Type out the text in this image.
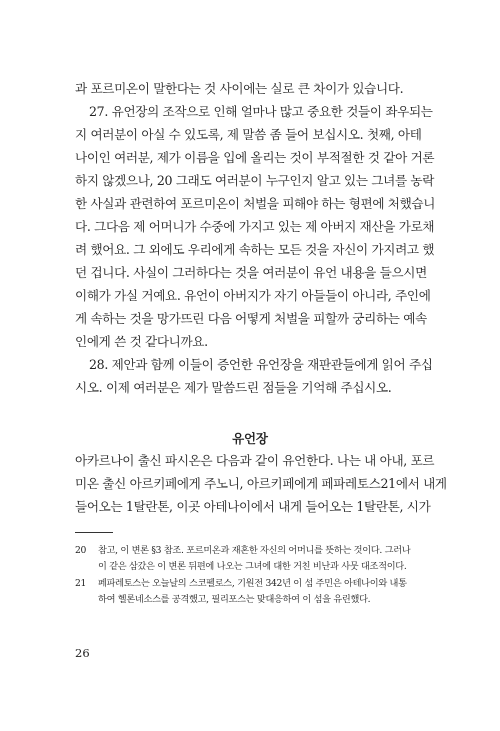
과 포르미온이 말한다는 것 사이에는 실로 큰 차이가 있습니다.
27. 유언장의 조작으로 인해 얼마나 많고 중요한 것들이 좌우되는
지 여러분이 아실 수 있도록, 제 말씀 좀 들어 보십시오. 첫째, 아테
나이인 여러분, 제가 이름을 입에 올리는 것이 부적절한 것 같아 거론
하지 않겠으나, 20 그래도 여러분이 누구인지 알고 있는 그녀를 농락
한 사실과 관련하여 포르미온이 처벌을 피해야 하는 형편에 처했습니
다. 그다음 제 어머니가 수중에 가지고 있는 제 아버지 재산을 가로채
려 했어요. 그 외에도 우리에게 속하는 모든 것을 자신이 가지려고 했
던 겁니다. 사실이 그러하다는 것을 여러분이 유언 내용을 들으시면
이해가 가실 거예요. 유언이 아버지가 자기 아들들이 아니라, 주인에
게 속하는 것을 망가뜨린 다음 어떻게 처벌을 피할까 궁리하는 예속
인에게 쓴 것 같다니까요.
28. 제안과 함께 이들이 증언한 유언장을 재판관들에게 읽어 주십
시오. 이제 여러분은 제가 말씀드린 점들을 기억해 주십시오.
유언장
아카르나이 출신 파시온은 다음과 같이 유언한다. 나는 내 아내, 포르
미온 출신 아르키페에게 주노니, 아르키페에게 페파레토스21에서 내게
들어오는 1탈란톤, 이곳 아테나이에서 내게 들어오는 1탈란톤, 시가
20 참고, 이 변론 §3 참조. 포르미온과 재혼한 자신의 어머니를 뜻하는 것이다. 그러나
이 같은 삼갔은 이 변론 뒤편에 나오는 그녀에 대한 거친 비난과 사뭇 대조적이다.
21 페파레토스는 오늘날의 스코펠로스, 기원전 342년 이 섬 주민은 아테나이와 내통
하여 헬론네소스를 공격했고, 필리포스는 맞대응하여 이 섬을 유린했다.
26
